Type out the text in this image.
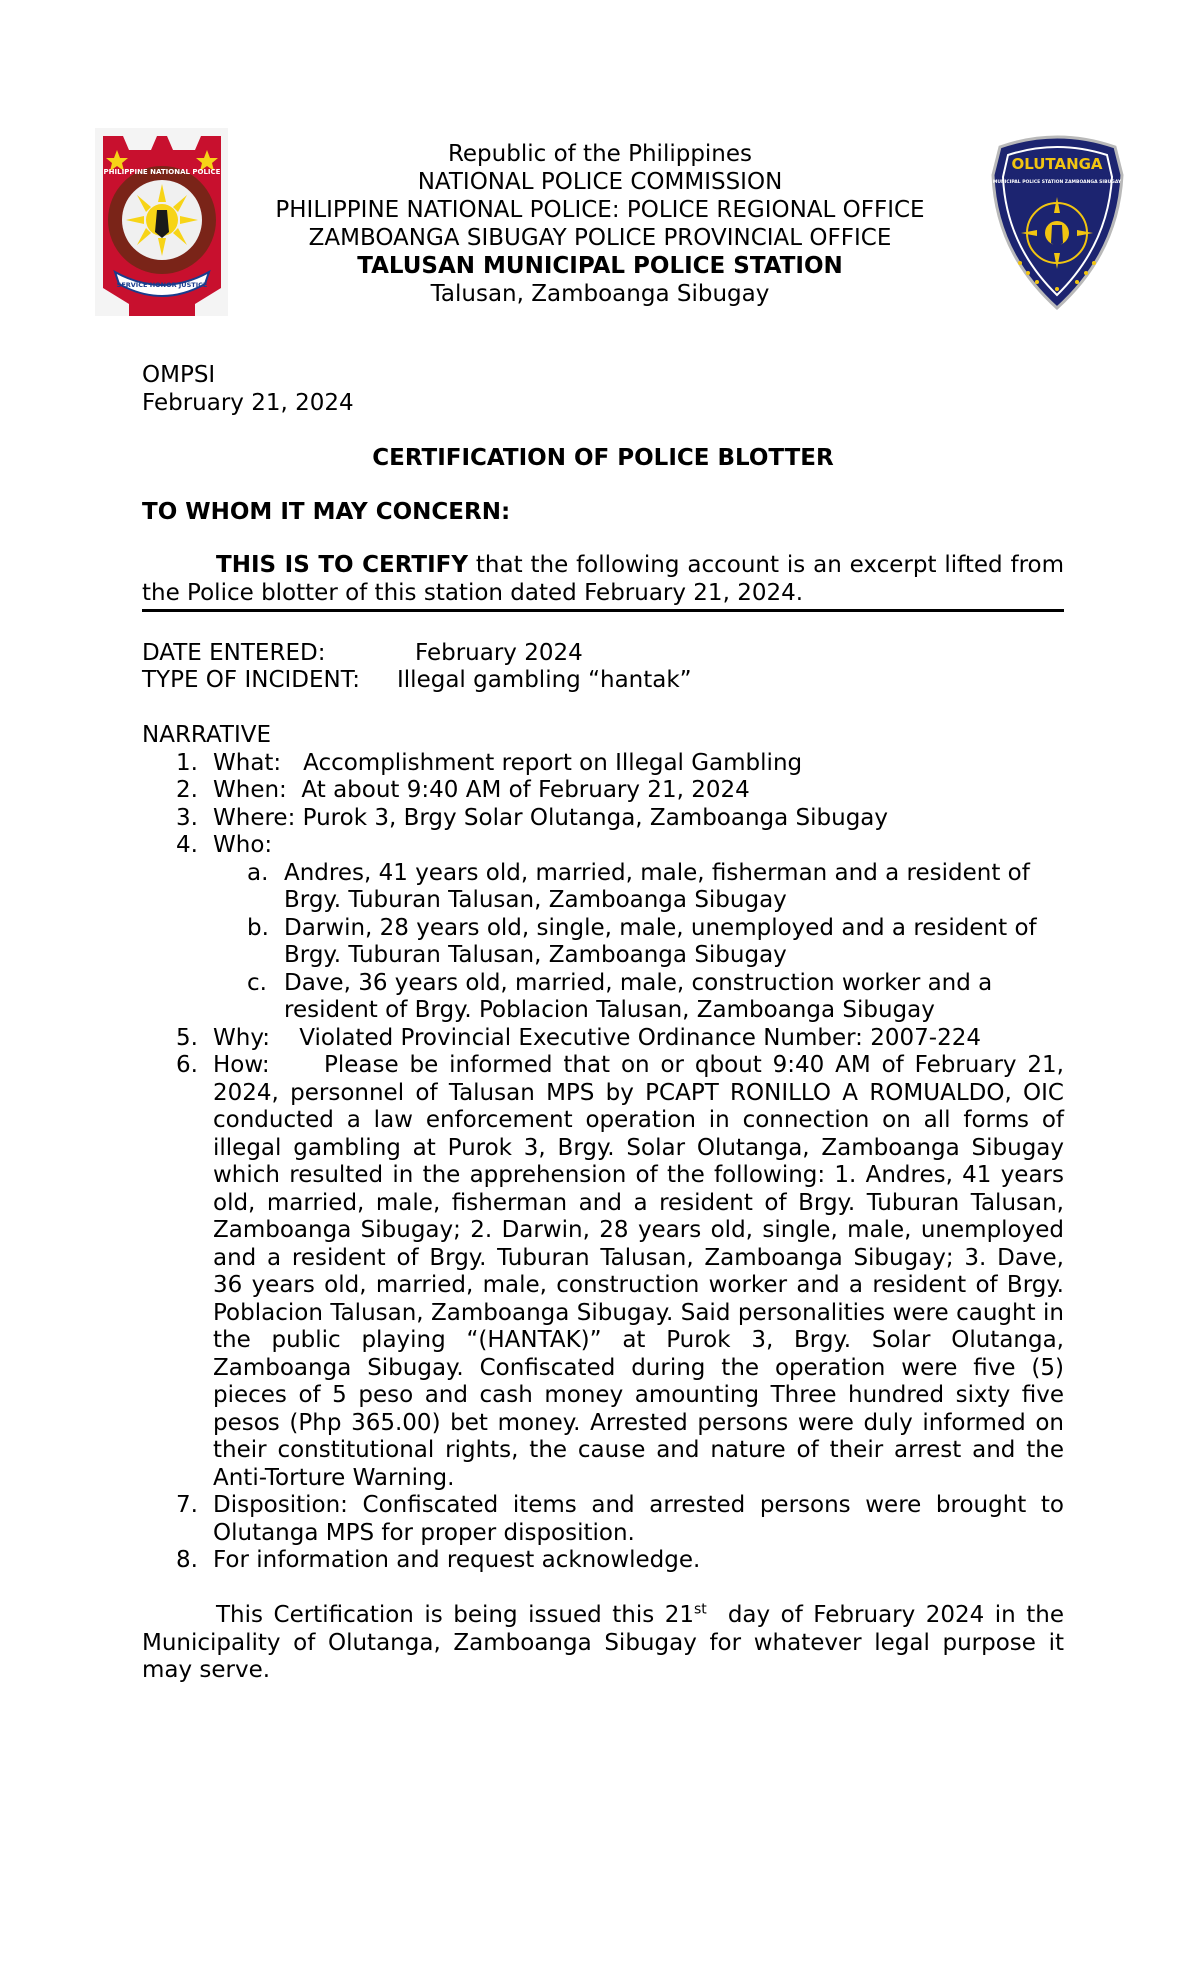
PHILIPPINE NATIONAL POLICE
SERVICE HONOR JUSTICE
OLUTANGA
MUNICIPAL POLICE STATION ZAMBOANGA SIBUGAY
Republic of the Philippines
NATIONAL POLICE COMMISSION
PHILIPPINE NATIONAL POLICE: POLICE REGIONAL OFFICE
ZAMBOANGA SIBUGAY POLICE PROVINCIAL OFFICE
TALUSAN MUNICIPAL POLICE STATION
Talusan, Zamboanga Sibugay

OMPSI

February 21, 2024

CERTIFICATION OF POLICE BLOTTER

TO WHOM IT MAY CONCERN:

THIS IS TO CERTIFY that the following account is an excerpt lifted from the Police blotter of this station dated February 21, 2024.

DATE ENTERED:	February 2024
TYPE OF INCIDENT:	Illegal gambling “hantak”

NARRATIVE

1. What:   Accomplishment report on Illegal Gambling
2. When:  At about 9:40 AM of February 21, 2024
3. Where: Purok 3, Brgy Solar Olutanga, Zamboanga Sibugay
4. Who:
a. Andres, 41 years old, married, male, fisherman and a resident of Brgy. Tuburan Talusan, Zamboanga Sibugay
b. Darwin, 28 years old, single, male, unemployed and a resident of Brgy. Tuburan Talusan, Zamboanga Sibugay
c. Dave, 36 years old, married, male, construction worker and a resident of Brgy. Poblacion Talusan, Zamboanga Sibugay
5. Why:    Violated Provincial Executive Ordinance Number: 2007-224
6. How:     Please be informed that on or qbout 9:40 AM of February 21, 2024, personnel of Talusan MPS by PCAPT RONILLO A ROMUALDO, OIC conducted a law enforcement operation in connection on all forms of illegal gambling at Purok 3, Brgy. Solar Olutanga, Zamboanga Sibugay which resulted in the apprehension of the following: 1. Andres, 41 years old, married, male, fisherman and a resident of Brgy. Tuburan Talusan, Zamboanga Sibugay; 2. Darwin, 28 years old, single, male, unemployed and a resident of Brgy. Tuburan Talusan, Zamboanga Sibugay; 3. Dave, 36 years old, married, male, construction worker and a resident of Brgy. Poblacion Talusan, Zamboanga Sibugay. Said personalities were caught in the public playing “(HANTAK)” at Purok 3, Brgy. Solar Olutanga, Zamboanga Sibugay. Confiscated during the operation were five (5) pieces of 5 peso and cash money amounting Three hundred sixty five pesos (Php 365.00) bet money. Arrested persons were duly informed on their constitutional rights, the cause and nature of their arrest and the Anti-Torture Warning.
7. Disposition: Confiscated items and arrested persons were brought to Olutanga MPS for proper disposition.
8. For information and request acknowledge.

This Certification is being issued this 21st  day of February 2024 in the Municipality of Olutanga, Zamboanga Sibugay for whatever legal purpose it may serve.
